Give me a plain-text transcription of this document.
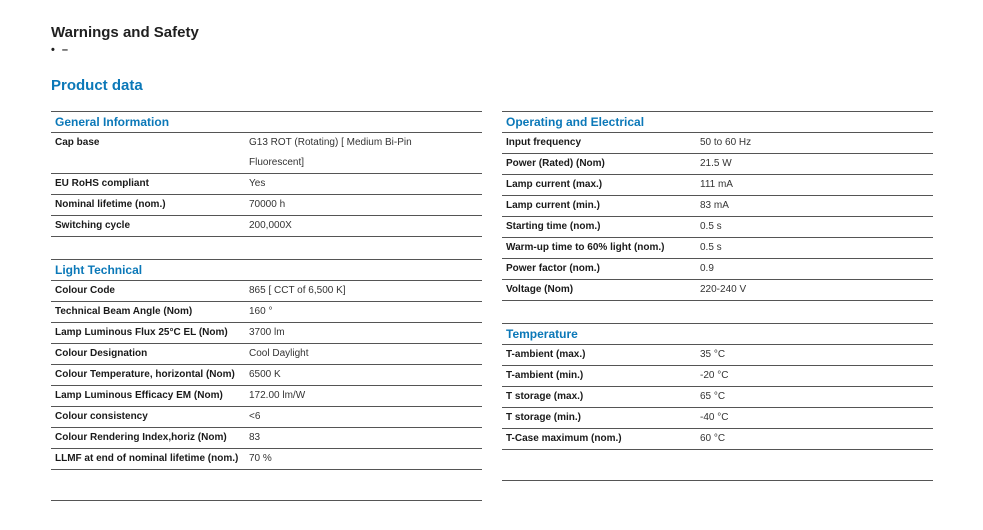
Warnings and Safety
• –
Product data
General Information
Cap base	G13 ROT (Rotating) [ Medium Bi-Pin Fluorescent]
EU RoHS compliant	Yes
Nominal lifetime (nom.)	70000 h
Switching cycle	200,000X
Light Technical
Colour Code	865 [ CCT of 6,500 K]
Technical Beam Angle (Nom)	160 °
Lamp Luminous Flux 25°C EL (Nom)	3700 lm
Colour Designation	Cool Daylight
Colour Temperature, horizontal (Nom)	6500 K
Lamp Luminous Efficacy EM (Nom)	172.00 lm/W
Colour consistency	<6
Colour Rendering Index,horiz (Nom)	83
LLMF at end of nominal lifetime (nom.)	70 %
Operating and Electrical
Input frequency	50 to 60 Hz
Power (Rated) (Nom)	21.5 W
Lamp current (max.)	111 mA
Lamp current (min.)	83 mA
Starting time (nom.)	0.5 s
Warm-up time to 60% light (nom.)	0.5 s
Power factor (nom.)	0.9
Voltage (Nom)	220-240 V
Temperature
T-ambient (max.)	35 °C
T-ambient (min.)	-20 °C
T storage (max.)	65 °C
T storage (min.)	-40 °C
T-Case maximum (nom.)	60 °C
